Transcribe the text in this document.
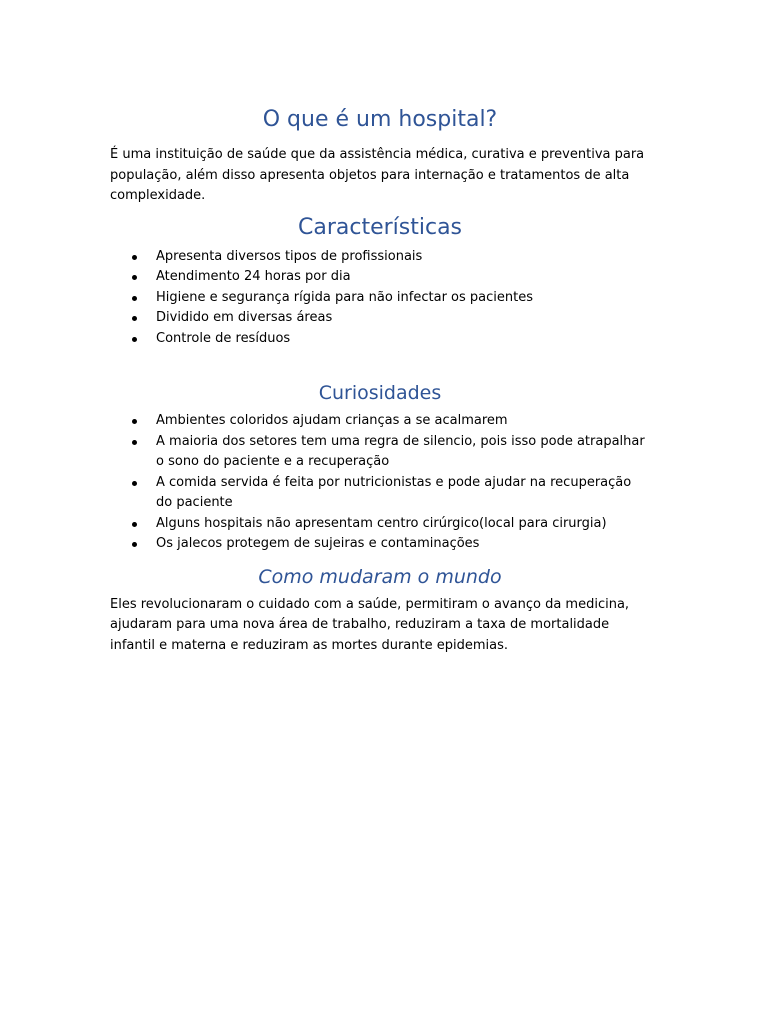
O que é um hospital?

É uma instituição de saúde que da assistência médica, curativa e preventiva para população, além disso apresenta objetos para internação e tratamentos de alta complexidade.

Características
Apresenta diversos tipos de profissionais
Atendimento 24 horas por dia
Higiene e segurança rígida para não infectar os pacientes
Dividido em diversas áreas
Controle de resíduos
Curiosidades
Ambientes coloridos ajudam crianças a se acalmarem
A maioria dos setores tem uma regra de silencio, pois isso pode atrapalhar o sono do paciente e a recuperação
A comida servida é feita por nutricionistas e pode ajudar na recuperação do paciente
Alguns hospitais não apresentam centro cirúrgico(local para cirurgia)
Os jalecos protegem de sujeiras e contaminações
Como mudaram o mundo

Eles revolucionaram o cuidado com a saúde, permitiram o avanço da medicina, ajudaram para uma nova área de trabalho, reduziram a taxa de mortalidade infantil e materna e reduziram as mortes durante epidemias.
